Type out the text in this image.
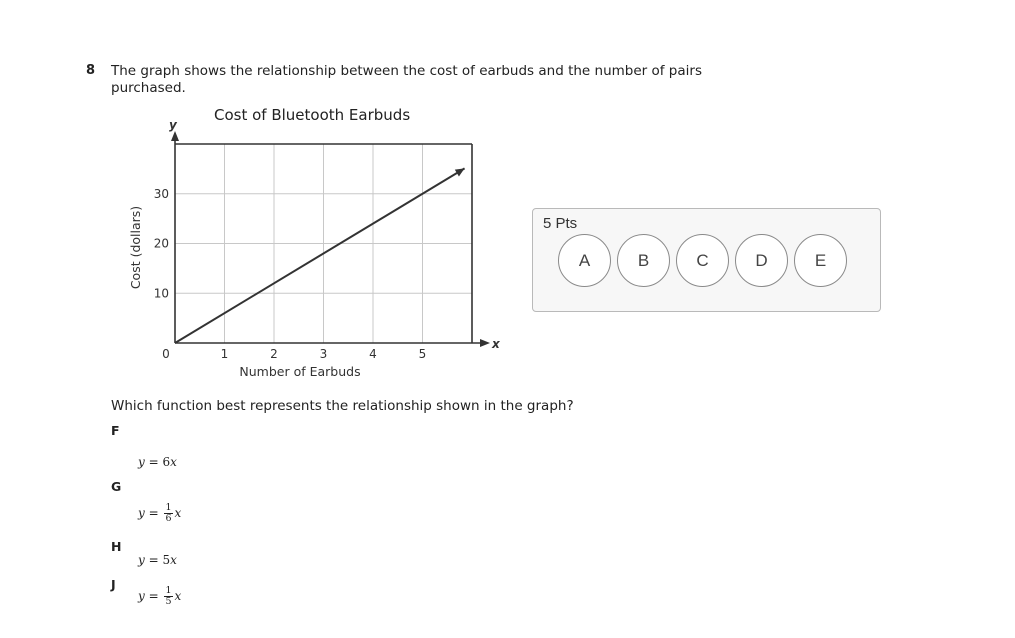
8 The graph shows the relationship between the cost of earbuds and the number of pairs purchased.
Cost of Bluetooth Earbuds
x
y
0	1	2	3	4	5
10
20
30
Number of Earbuds
Cost (dollars)
Which function best represents the relationship shown in the graph?
F
y = 6x
G
$y = \frac{1}{6}$ x
H
y = 5x
J
$y = \frac{1}{5}$ x
5 Pts
A	B	C	D	E
